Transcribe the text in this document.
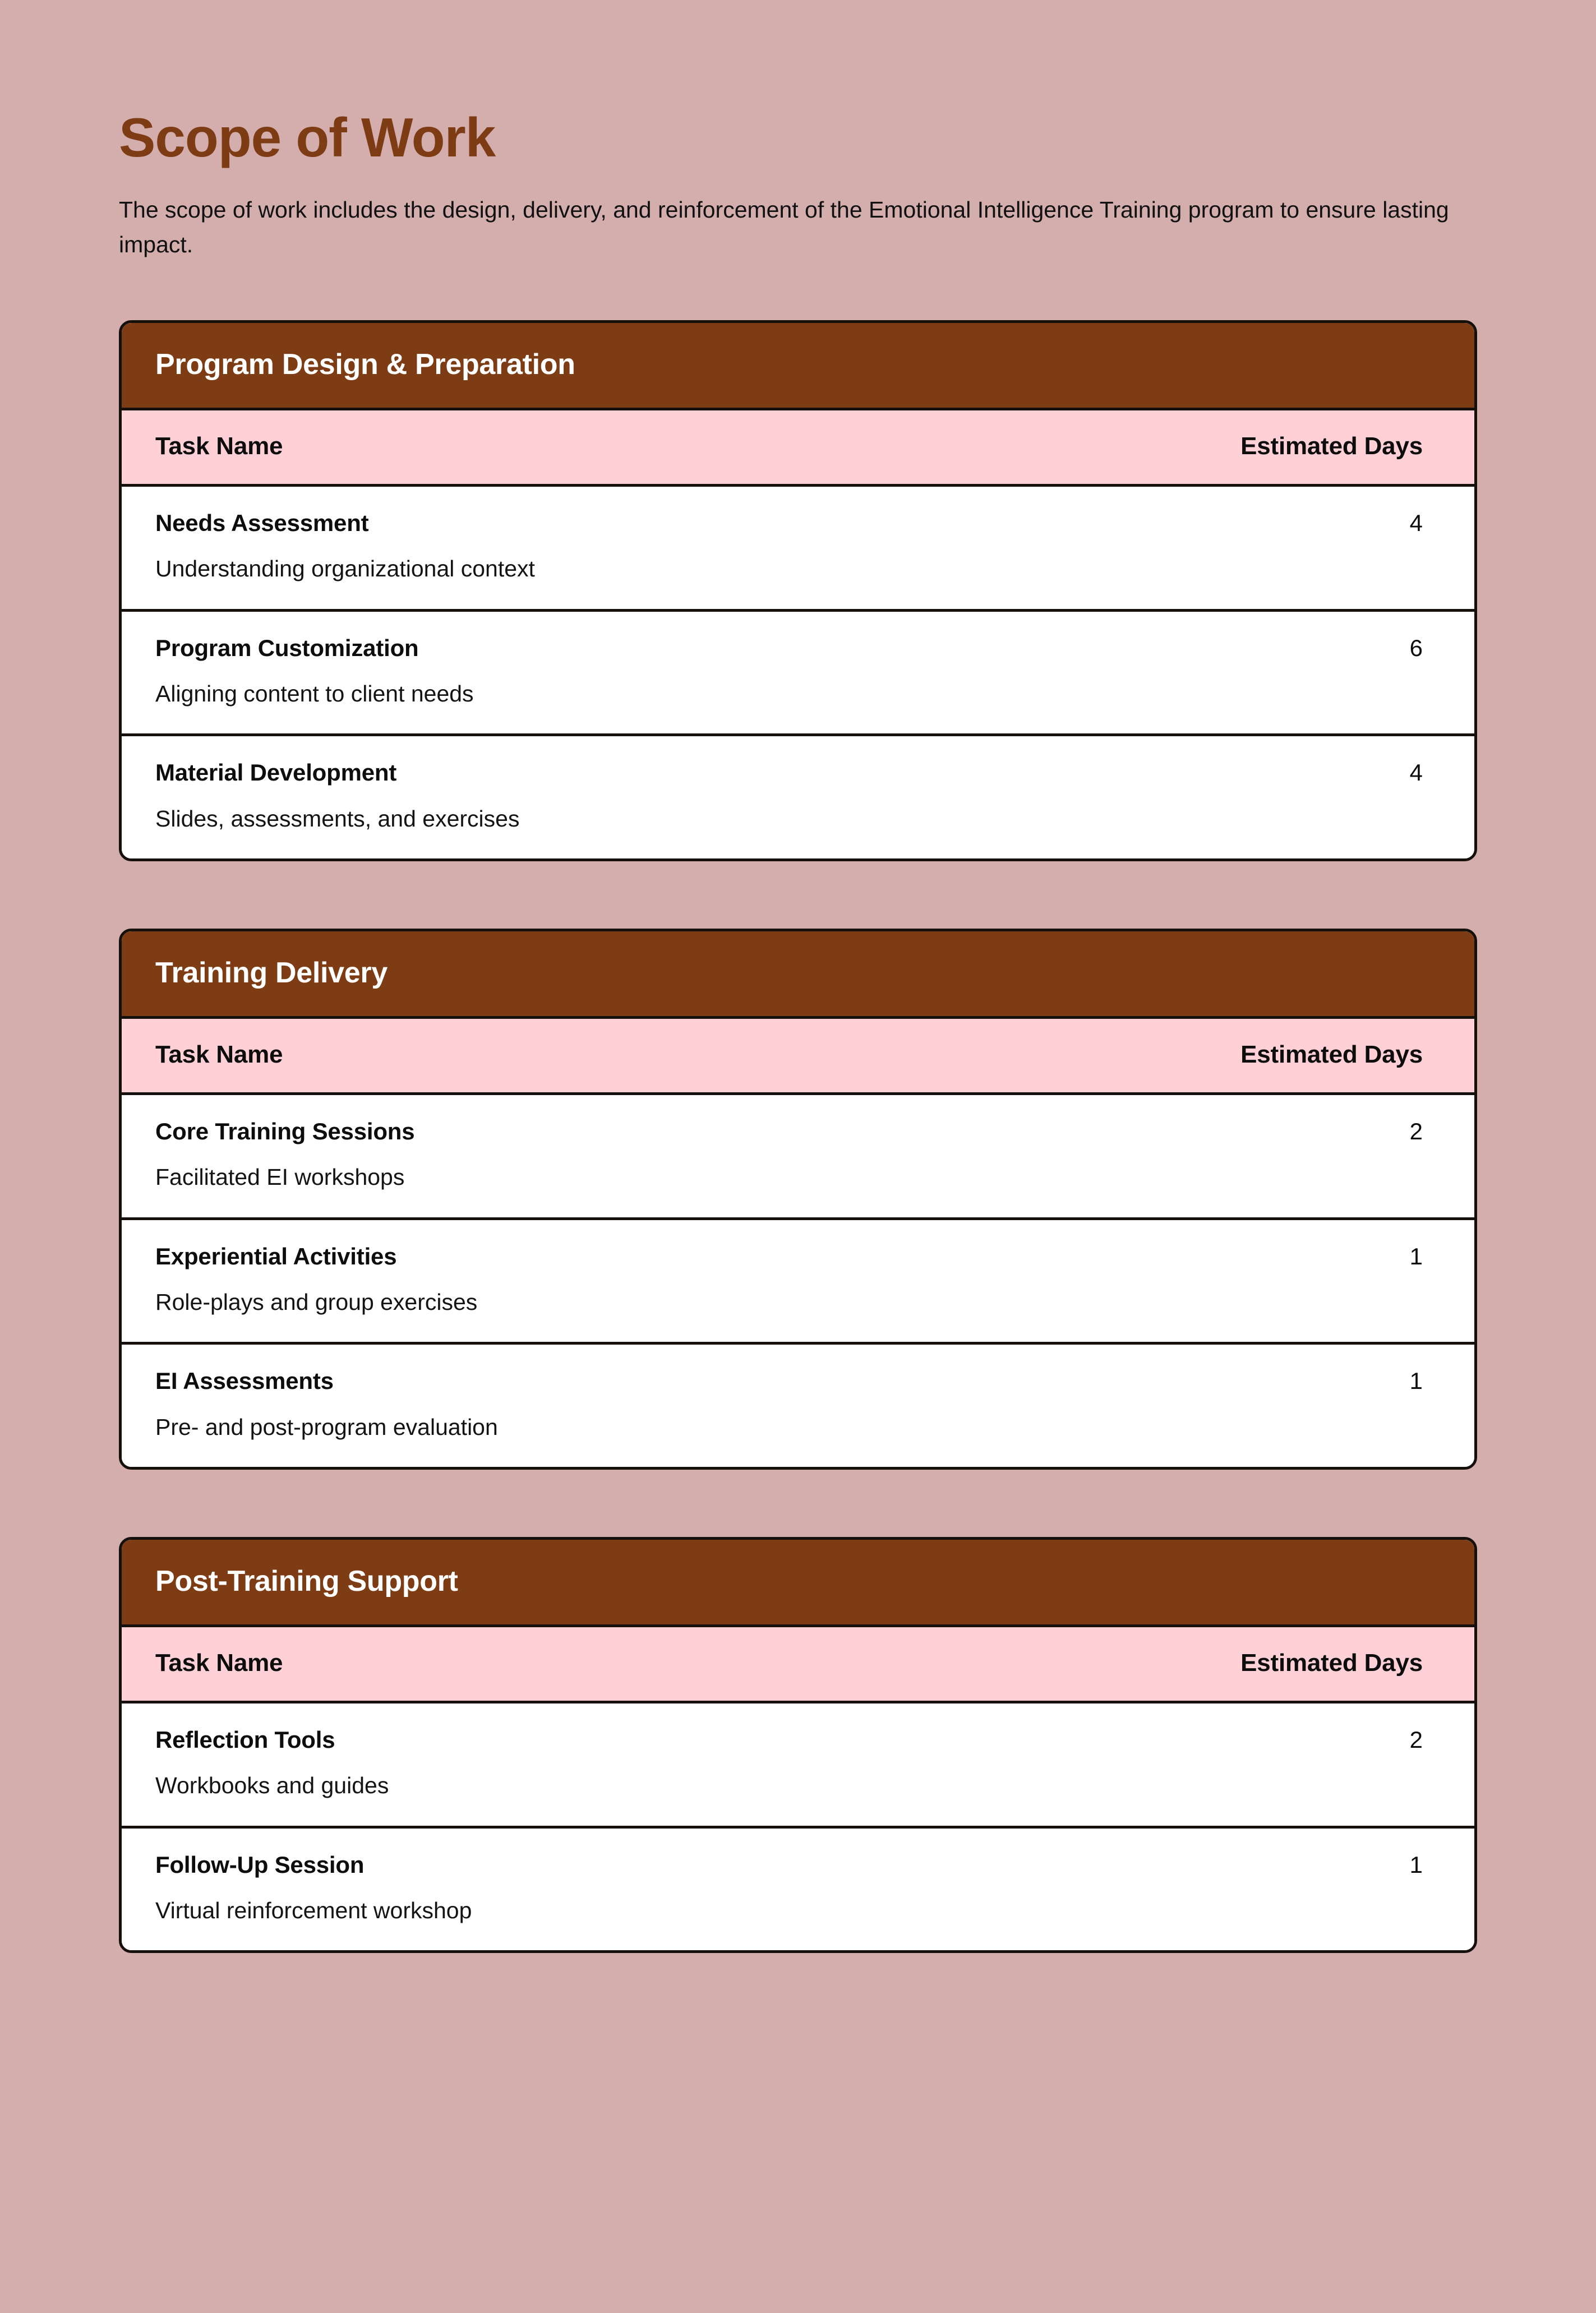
Scope of Work

The scope of work includes the design, delivery, and reinforcement of the Emotional Intelligence Training program to ensure lasting impact.

Program Design & Preparation
Task Name	Estimated Days

Needs Assessment
Understanding organizational context	4

Program Customization
Aligning content to client needs	6

Material Development
Slides, assessments, and exercises	4
Training Delivery
Task Name	Estimated Days

Core Training Sessions
Facilitated EI workshops	2

Experiential Activities
Role-plays and group exercises	1

EI Assessments
Pre- and post-program evaluation	1
Post-Training Support
Task Name	Estimated Days

Reflection Tools
Workbooks and guides	2

Follow-Up Session
Virtual reinforcement workshop	1
